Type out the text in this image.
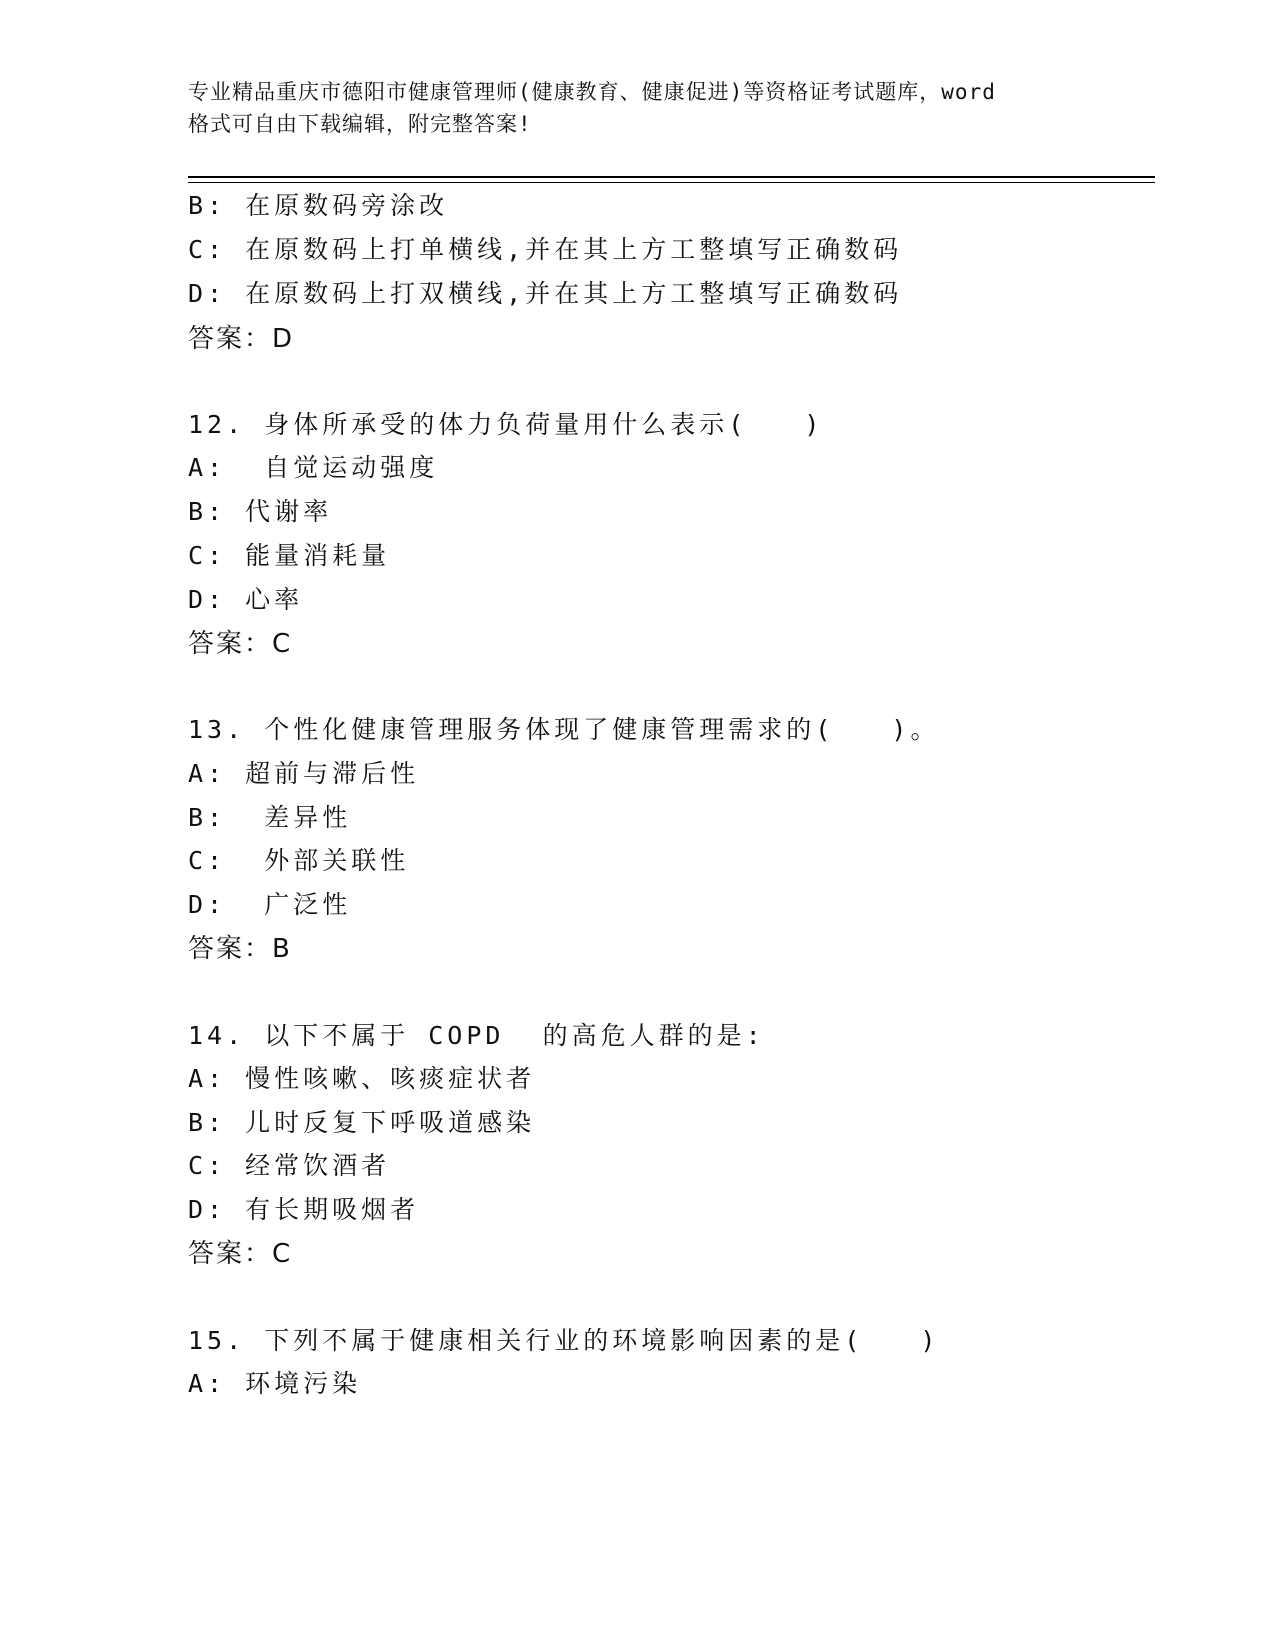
专业精品重庆市德阳市健康管理师(健康教育、健康促进)等资格证考试题库，word
格式可自由下载编辑，附完整答案!
B: 在原数码旁涂改
C: 在原数码上打单横线,并在其上方工整填写正确数码
D: 在原数码上打双横线,并在其上方工整填写正确数码
答案：D
12. 身体所承受的体力负荷量用什么表示(   )
A:  自觉运动强度
B: 代谢率
C: 能量消耗量
D: 心率
答案：C
13. 个性化健康管理服务体现了健康管理需求的(   )。
A: 超前与滞后性
B:  差异性
C:  外部关联性
D:  广泛性
答案：B
14. 以下不属于 COPD  的高危人群的是:
A: 慢性咳嗽、咳痰症状者
B: 儿时反复下呼吸道感染
C: 经常饮酒者
D: 有长期吸烟者
答案：C
15. 下列不属于健康相关行业的环境影响因素的是(   )
A: 环境污染
